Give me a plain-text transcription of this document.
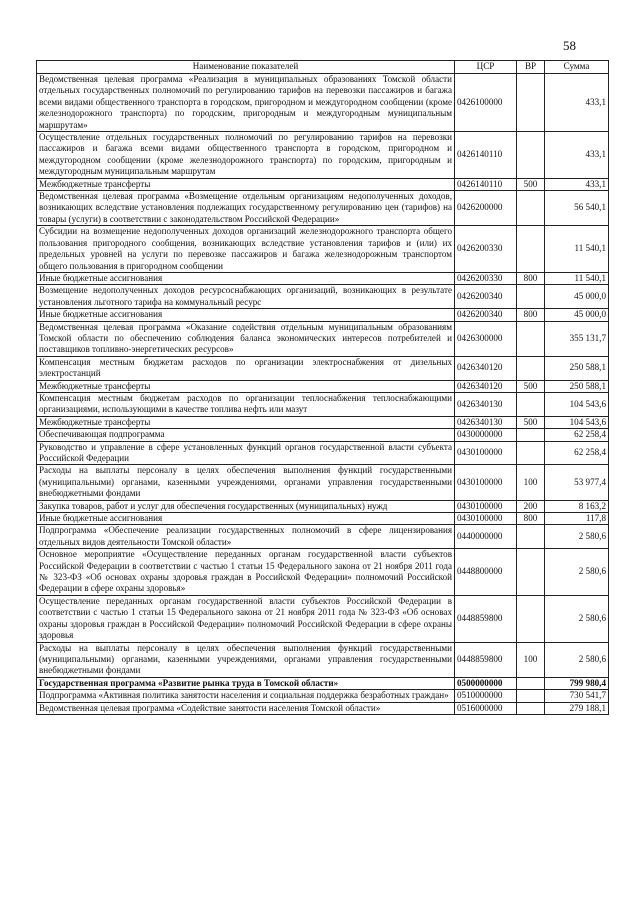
58
Наименование показателей	ЦСР	ВР	Сумма
Ведомственная целевая программа «Реализация в муниципальных образованиях Томской области отдельных государственных полномочий по регулированию тарифов на перевозки пассажиров и багажа всеми видами общественного транспорта в городском, пригородном и междугородном сообщении (кроме железнодорожного транспорта) по городским, пригородным и междугородным муниципальным маршрутам»	0426100000		433,1
Осуществление отдельных государственных полномочий по регулированию тарифов на перевозки пассажиров и багажа всеми видами общественного транспорта в городском, пригородном и междугородном сообщении (кроме железнодорожного транспорта) по городским, пригородным и междугородным муниципальным маршрутам	0426140110		433,1
Межбюджетные трансферты	0426140110	500	433,1
Ведомственная целевая программа «Возмещение отдельным организациям недополученных доходов, возникающих вследствие установления подлежащих государственному регулированию цен (тарифов) на товары (услуги) в соответствии с законодательством Российской Федерации»	0426200000		56 540,1
Субсидии на возмещение недополученных доходов организаций железнодорожного транспорта общего пользования пригородного сообщения, возникающих вследствие установления тарифов и (или) их предельных уровней на услуги по перевозке пассажиров и багажа железнодорожным транспортом общего пользования в пригородном сообщении	0426200330		11 540,1
Иные бюджетные ассигнования	0426200330	800	11 540,1
Возмещение недополученных доходов ресурсоснабжающих организаций, возникающих в результате установления льготного тарифа на коммунальный ресурс	0426200340		45 000,0
Иные бюджетные ассигнования	0426200340	800	45 000,0
Ведомственная целевая программа «Оказание содействия отдельным муниципальным образованиям Томской области по обеспечению соблюдения баланса экономических интересов потребителей и поставщиков топливно-энергетических ресурсов»	0426300000		355 131,7
Компенсация местным бюджетам расходов по организации электроснабжения от дизельных электростанций	0426340120		250 588,1
Межбюджетные трансферты	0426340120	500	250 588,1
Компенсация местным бюджетам расходов по организации теплоснабжения теплоснабжающими организациями, использующими в качестве топлива нефть или мазут	0426340130		104 543,6
Межбюджетные трансферты	0426340130	500	104 543,6
Обеспечивающая подпрограмма	0430000000		62 258,4
Руководство и управление в сфере установленных функций органов государственной власти субъекта Российской Федерации	0430100000		62 258,4
Расходы на выплаты персоналу в целях обеспечения выполнения функций государственными (муниципальными) органами, казенными учреждениями, органами управления государственными внебюджетными фондами	0430100000	100	53 977,4
Закупка товаров, работ и услуг для обеспечения государственных (муниципальных) нужд	0430100000	200	8 163,2
Иные бюджетные ассигнования	0430100000	800	117,8
Подпрограмма «Обеспечение реализации государственных полномочий в сфере лицензирования отдельных видов деятельности Томской области»	0440000000		2 580,6
Основное мероприятие «Осуществление переданных органам государственной власти субъектов Российской Федерации в соответствии с частью 1 статьи 15 Федерального закона от 21 ноября 2011 года № 323-ФЗ «Об основах охраны здоровья граждан в Российской Федерации» полномочий Российской Федерации в сфере охраны здоровья»	0448800000		2 580,6
Осуществление переданных органам государственной власти субъектов Российской Федерации в соответствии с частью 1 статьи 15 Федерального закона от 21 ноября 2011 года № 323-ФЗ «Об основах охраны здоровья граждан в Российской Федерации» полномочий Российской Федерации в сфере охраны здоровья	0448859800		2 580,6
Расходы на выплаты персоналу в целях обеспечения выполнения функций государственными (муниципальными) органами, казенными учреждениями, органами управления государственными внебюджетными фондами	0448859800	100	2 580,6
Государственная программа «Развитие рынка труда в Томской области»	0500000000		799 980,4
Подпрограмма «Активная политика занятости населения и социальная поддержка безработных граждан»	0510000000		730 541,7
Ведомственная целевая программа «Содействие занятости населения Томской области»	0516000000		279 188,1
